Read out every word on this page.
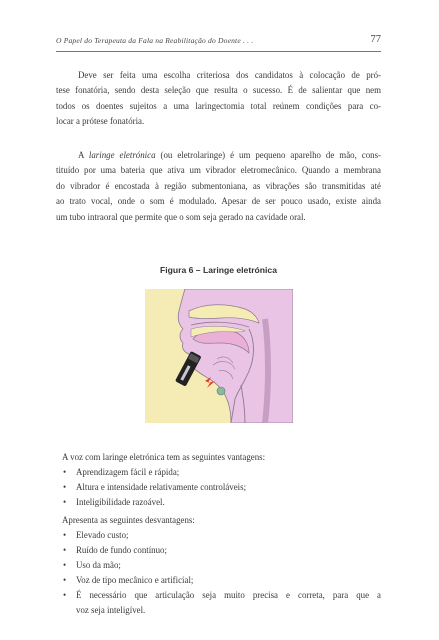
O Papel do Terapeuta da Fala na Reabilitação do Doente . . .	77

Deve ser feita uma escolha criteriosa dos candidatos à colocação de pró-
tese fonatória, sendo desta seleção que resulta o sucesso. É de salientar que nem
todos os doentes sujeitos a uma laringectomia total reúnem condições para co-
locar a prótese fonatória.

A laringe eletrónica (ou eletrolaringe) é um pequeno aparelho de mão, cons-
tituído por uma bateria que ativa um vibrador eletromecânico. Quando a membrana
do vibrador é encostada à região submentoniana, as vibrações são transmitidas até
ao trato vocal, onde o som é modulado. Apesar de ser pouco usado, existe ainda
um tubo intraoral que permite que o som seja gerado na cavidade oral.

Figura 6 – Laringe eletrónica

A voz com laringe eletrónica tem as seguintes vantagens:

• Aprendizagem fácil e rápida;
• Altura e intensidade relativamente controláveis;
• Inteligibilidade razoável.

Apresenta as seguintes desvantagens:

• Elevado custo;
• Ruído de fundo contínuo;
• Uso da mão;
• Voz de tipo mecânico e artificial;
• É necessário que articulação seja muito precisa e correta, para que a
voz seja inteligível.
